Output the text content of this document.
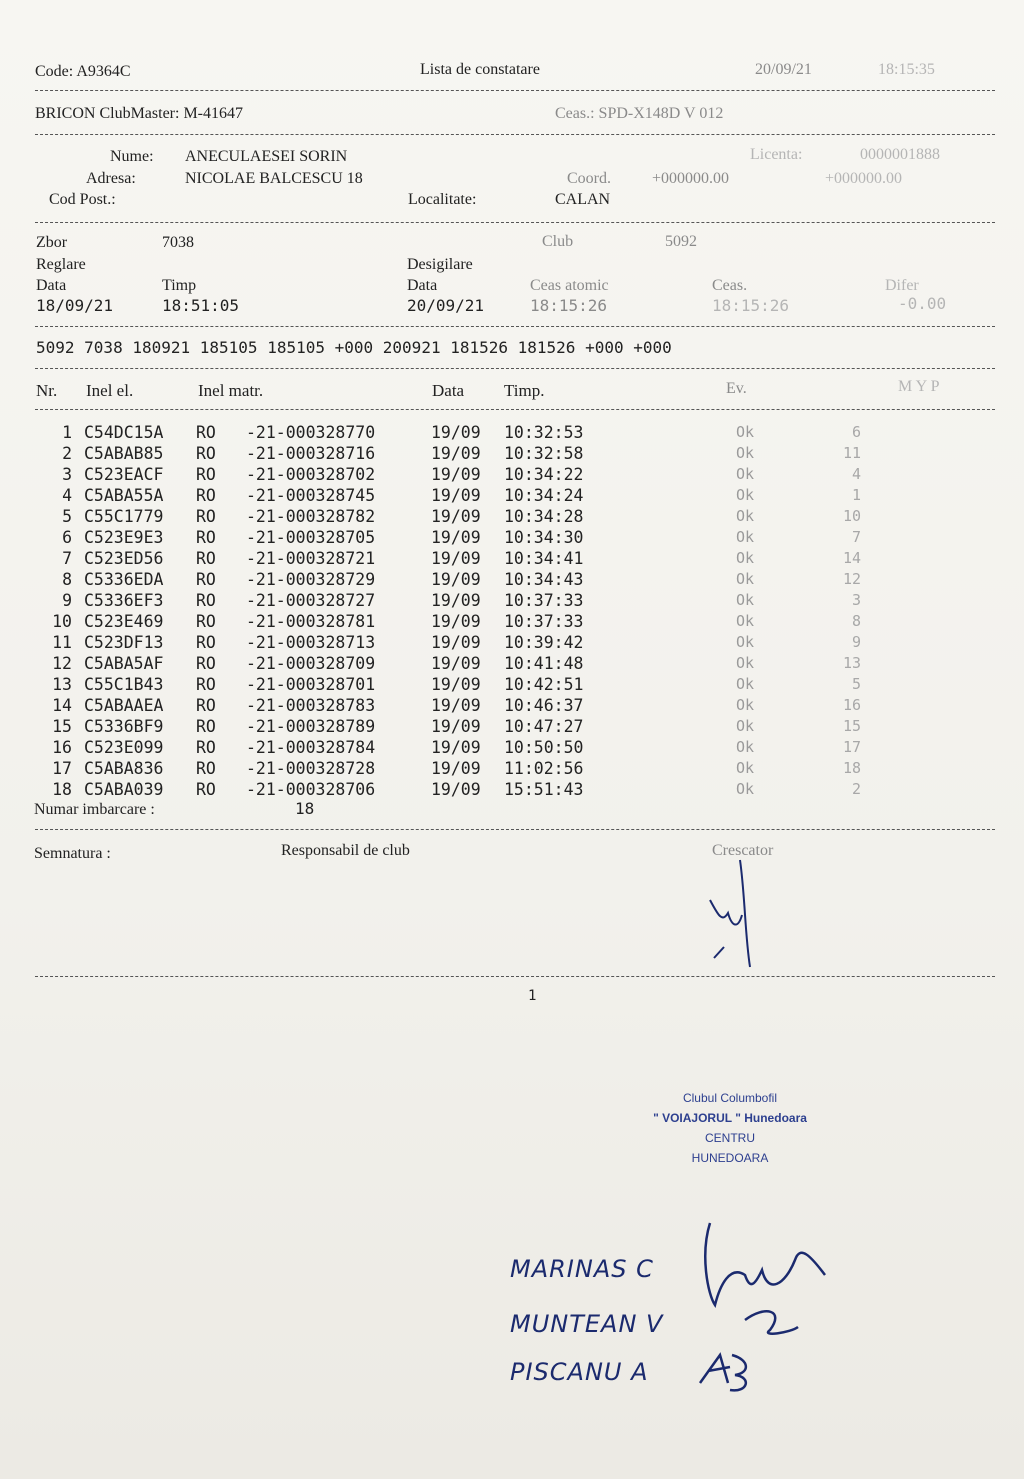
Code: A9364C	Lista de constatare	20/09/21	18:15:35
BRICON ClubMaster: M-41647	Ceas.: SPD-X148D V 012
Nume: ANECULAESEI SORIN	Licenta:	0000001888
Adresa:	NICOLAE BALCESCU 18	Coord.	+000000.00	+000000.00
Cod Post.:	Localitate:	CALAN
Zbor	7038	Club	5092
Reglare	Desigilare
Data	Timp	Data	Ceas atomic	Ceas.	Difer
18/09/21	18:51:05	20/09/21	18:15:26	18:15:26	-0.00
5092 7038 180921 185105 185105 +000 200921 181526 181526 +000 +000
Nr. Inel el.	Inel matr.	Data Timp.	Ev.	M Y P
1 C54DC15A RO -21-000328770	19/09 10:32:53	Ok	6
2 C5ABAB85 RO -21-000328716	19/09 10:32:58	Ok	11
3 C523EACF RO -21-000328702	19/09 10:34:22	Ok	4
4 C5ABA55A RO -21-000328745	19/09 10:34:24	Ok	1
5 C55C1779 RO -21-000328782	19/09 10:34:28	Ok	10
6 C523E9E3 RO -21-000328705	19/09 10:34:30	Ok	7
7 C523ED56 RO -21-000328721	19/09 10:34:41	Ok	14
8 C5336EDA RO -21-000328729	19/09 10:34:43	Ok	12
9 C5336EF3 RO -21-000328727	19/09 10:37:33	Ok	3
10 C523E469 RO -21-000328781	19/09 10:37:33	Ok	8
11 C523DF13 RO -21-000328713	19/09 10:39:42	Ok	9
12 C5ABA5AF RO -21-000328709	19/09 10:41:48	Ok	13
13 C55C1B43 RO -21-000328701	19/09 10:42:51	Ok	5
14 C5ABAAEA RO -21-000328783	19/09 10:46:37	Ok	16
15 C5336BF9 RO -21-000328789	19/09 10:47:27	Ok	15
16 C523E099 RO -21-000328784	19/09 10:50:50	Ok	17
17 C5ABA836 RO -21-000328728	19/09 11:02:56	Ok	18
18 C5ABA039 RO -21-000328706	19/09 15:51:43	Ok	2
Numar imbarcare :	18
Semnatura :	Responsabil de club	Crescator
1
Clubul Columbofil
" VOIAJORUL " Hunedoara
CENTRU
HUNEDOARA
MARINAS C
MUNTEAN V
PISCANU A
